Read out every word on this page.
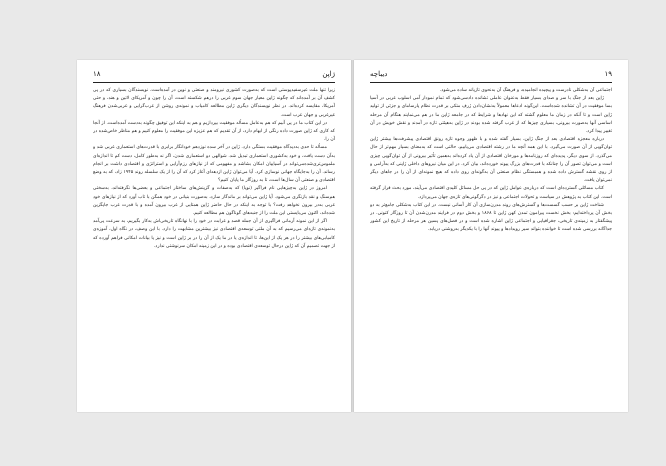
۱۸	ژاپن

زیرا تنها ملت غیرسفیدپوستی است که به‌صورت کشوری نیرومند و صنعتی و نوین در آمده‌است. نویسندگان بسیاری که در پی کشف آن بر آمده‌اند که چگونه ژاپن معیار جهان سوم غربی را درهم شکسته است، آن را چون و آمریکای لاتین و هند، و حتی آمریکا، مقایسه کرده‌اند. در نظر نویسندگان دیگری ژاپن مطالعه کامیاب و نمونه‌ی روشن از غرب‌گرایی و غربی‌شدن فرهنگ غیرغربی و جهان غرب است.

در این کتاب ما در پی آنیم که هم به‌عامل مسأله موفقیت بپردازیم و هم به اینکه این توفیق چگونه به‌دست آمده‌است. از آنجا که کاری که ژاپن صورت داده رنگی از ابهام دارد، از آن تقدیم که هم عزیزه این موفقیت را معلوم کنیم و هم مناظر خاص‌شده در آن را.

مسأله تا حدی به‌دیدگاه موفقیت بستگی دارد. ژاپن در آخر سده نوزدهم خودانگار برابری با قدرت‌های استعماری غربی شد و به‌آن دست یافت، و خود به‌کشوری استعماری تبدیل شد. شوالهی دو استعماری شدن، اگر نه به‌طور کامل، دست کم تا اندازه‌ای ملموس‌تری‌شده‌می‌تواند در آسیاییان امکان بشاشد و مفهومی که از نیازهای رزم‌آرایی و استراتژی و اقتصادی داشت بر انجام رساند. آن را به‌جایگاه جهانی نوسازی کرد. آیا می‌توان ژاپن ازدهه‌ای آغاز کرد که آن را از یک سلسله روند ۱۹۴۵ زاد، که به وضع اقتصادی و صنعتی آن سال‌ها است، تا به روزگار ما پایان کنیم؟

امروز در ژاپن به‌چیزهایی نام فراگیر (نوپا) که به‌صفات و گزینش‌های ساختار اجتماعی و بعضی‌ها نگرفته‌اند، به‌سختی هم‌سنگ و نقد بازنگری می‌شود. آیا ژاپن می‌تواند بر ماندگار سازد، به‌صورت بنیانی در خود همگن با تاب آورد که از نیازهای خود غربی به‌در بیرون نخواهد رفت؟ با توجه به اینکه در حال حاضر ژاپن همتایی از غرب بیرون آمده و با قدرت غرب جایگزین شده‌اند، اکنون می‌بایستی این ملت را از جنبه‌های گوناگون هم مطالعه کنیم.

اگر از این نمونه آرمانی فراگیری از آن جمله قصد و غرابت در خود را با نهانگاه تاریخی‌اش به‌کار بگیریم، به سرعت پی‌آمد به‌نمونه‌ی تازه‌ای می‌رسیم که به آن ملتی توسعه‌ی اقتصادی نیز بیشترین مشابهت را دارد. با این وصف، در نگاه اول، آموزه‌ی کامیابی‌های بیشتر را در هر یک از این‌ها، تا اندازه‌ی یا در ما یک از آن را در بر ژاپن است و نیز یا بیانات امکانی فراهم آورده که از جهت تصمیم آن که ژاپن درحال توسعه‌ی اقتصادی بوده و در این زمینه امکان سرنوشتی ندارد.

۱۹
دیباچه

اجتماعی آن به‌شکلی نادرست و پیچیده انجامیده، و فرهنگ آن به‌نحوی تازیانه ساده می‌شود.

ژاپن بعد از جنگ با سر و صدای بسیار فقط به‌عنوان عاملی تشانده دادسی‌شود که تمام نمودار آمی اسلوب غربی در آسیا بسا موفقیت در آن تشانده شده‌است. این‌گونه ادعاها معمولاً به‌نشان‌دادن ژرف متکی بر قدرت نظام پارسامای و جزئی از تولید ژاپن است و تا آنکه در زمان ما معلوم گشته که این نهادها و شرایط که در جامعه ژاپن ما در هم می‌نمایند هنگام آن مرحله اساسی آنها به‌صورت بیرونی، بسیاری چیزها که از غرب گرفته شده بودند در ژاپن به‌هیئتی تازه در آمدند و نقش خویش در آن تغییر پیدا کرد.

درباره معجزه اقتصادی بعد از جنگ ژاپن، بسیار گفته شده و با ظهور وجوه تازه رونق اقتصادی پیشرفت‌ها بیشتر ژاپن توان‌گویی از آن صورت می‌گیرد. با این همه آنچه ما در رشته اقتصادی می‌یابیم، حالتی است که به‌معنای بسیار مهم‌تر از حال می‌گذرد. از سوی دیگر، پدیده‌ای که روزنامه‌ها و مورخان اقتصادی از آن یاد کرده‌اند به‌همین تأثیر بیرونی از آن توان‌گویی چیزی است و می‌توان تصور آن را چنانکه با قدرت‌های بزرگ پیوند خورده‌اند، بیان کرد. در این میان نیروهای داخلی ژاپنی که به‌آرامی و از روی نقشه گسترش داده شده و همبستگی نظام صنعتی آن به‌گونه‌ای روی داده که هیچ نمونه‌ای از آن را در جاهای دیگر نمی‌توان یافت.

کتاب مسائلی گسترده‌ای است که درباره‌ی عوامل ژاپن که در پی حل مسائل کلیدی اقتصادی می‌آیند، مورد بحث قرار گرفته است. این کتاب به پژوهش در سیاست و تحولات اجتماعی و نیز در دگرگونی‌های تازه‌ی جهان می‌پردازد.

شناخت ژاپن بر حسب گسست‌ها و گسترش‌های روند مدرن‌سازی آن کار آسانی نیست. در این کتاب به‌شکلی جامع‌تر به دو بخش آن پرداخته‌ایم: بخش نخست پیرامون تمدن کهن ژاپن تا ۱۸۶۸ و بخش دوم در فرایند مدرن‌شدن آن تا روزگار کنونی. در پیشگفتار به زمینه‌ی تاریخی، جغرافیایی و اجتماعی ژاپن اشاره شده است و در فصل‌های پسین هر مرحله از تاریخ این کشور جداگانه بررسی شده است تا خواننده بتواند سیر رویدادها و پیوند آنها را با یکدیگر به‌روشنی دریابد.
